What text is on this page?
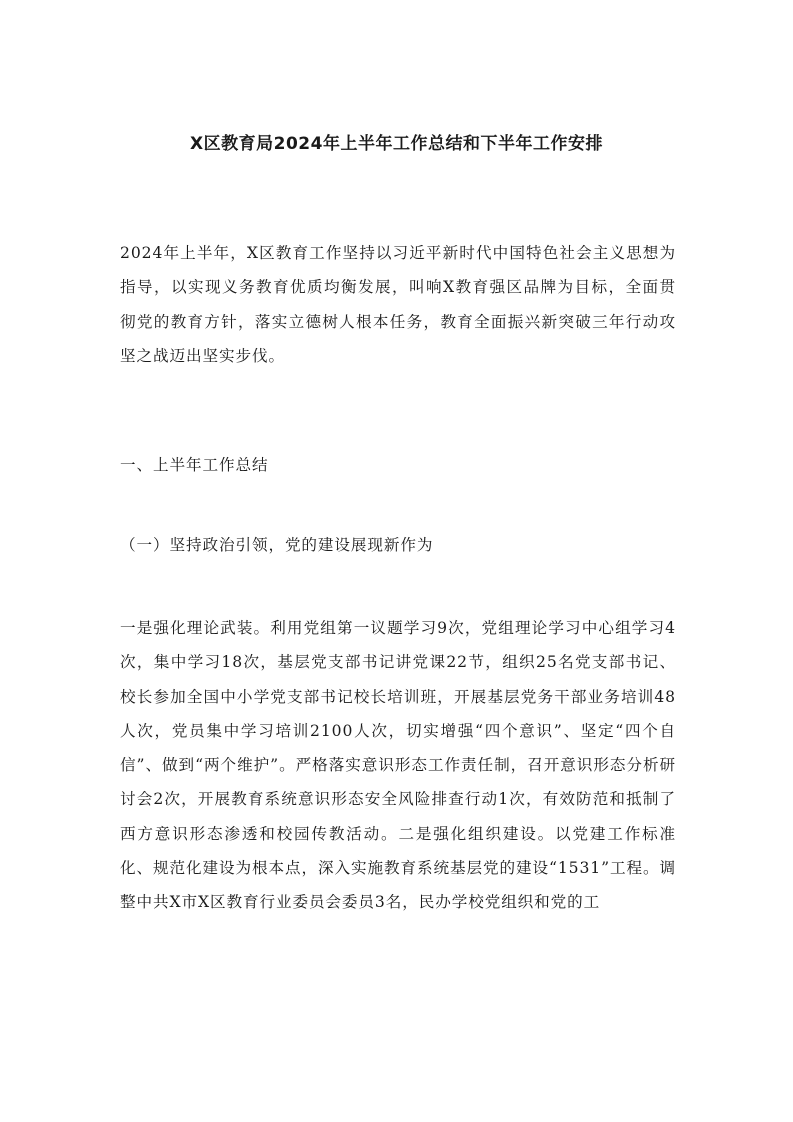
X区教育局2024年上半年工作总结和下半年工作安排

2024年上半年，X区教育工作坚持以习近平新时代中国特色社会主义思想为指导，以实现义务教育优质均衡发展，叫响X教育强区品牌为目标，全面贯彻党的教育方针，落实立德树人根本任务，教育全面振兴新突破三年行动攻坚之战迈出坚实步伐。

一、上半年工作总结

（一）坚持政治引领，党的建设展现新作为

一是强化理论武装。利用党组第一议题学习9次，党组理论学习中心组学习4次，集中学习18次，基层党支部书记讲党课22节，组织25名党支部书记、校长参加全国中小学党支部书记校长培训班，开展基层党务干部业务培训48人次，党员集中学习培训2100人次，切实增强“四个意识”、坚定“四个自信”、做到“两个维护”。严格落实意识形态工作责任制，召开意识形态分析研讨会2次，开展教育系统意识形态安全风险排查行动1次，有效防范和抵制了西方意识形态渗透和校园传教活动。二是强化组织建设。以党建工作标准化、规范化建设为根本点，深入实施教育系统基层党的建设“1531”工程。调整中共X市X区教育行业委员会委员3名，民办学校党组织和党的工
